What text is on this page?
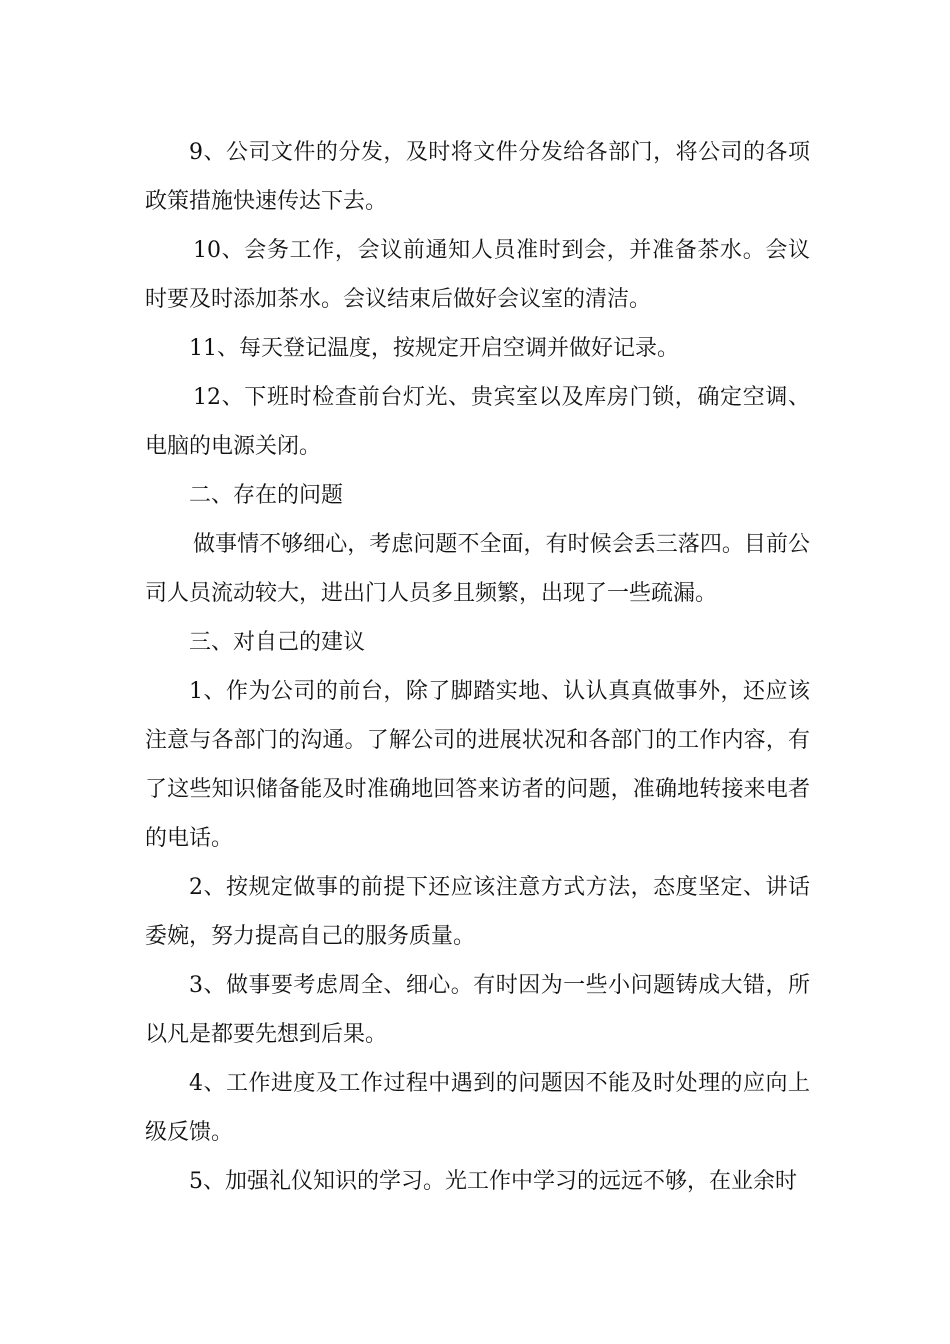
9、公司文件的分发，及时将文件分发给各部门，将公司的各项政策措施快速传达下去。

10、会务工作，会议前通知人员准时到会，并准备茶水。会议时要及时添加茶水。会议结束后做好会议室的清洁。

11、每天登记温度，按规定开启空调并做好记录。

12、下班时检查前台灯光、贵宾室以及库房门锁，确定空调、电脑的电源关闭。

二、存在的问题

做事情不够细心，考虑问题不全面，有时候会丢三落四。目前公司人员流动较大，进出门人员多且频繁，出现了一些疏漏。

三、对自己的建议

1、作为公司的前台，除了脚踏实地、认认真真做事外，还应该注意与各部门的沟通。了解公司的进展状况和各部门的工作内容，有了这些知识储备能及时准确地回答来访者的问题，准确地转接来电者的电话。

2、按规定做事的前提下还应该注意方式方法，态度坚定、讲话委婉，努力提高自己的服务质量。

3、做事要考虑周全、细心。有时因为一些小问题铸成大错，所以凡是都要先想到后果。

4、工作进度及工作过程中遇到的问题因不能及时处理的应向上级反馈。

5、加强礼仪知识的学习。光工作中学习的远远不够，在业余时
